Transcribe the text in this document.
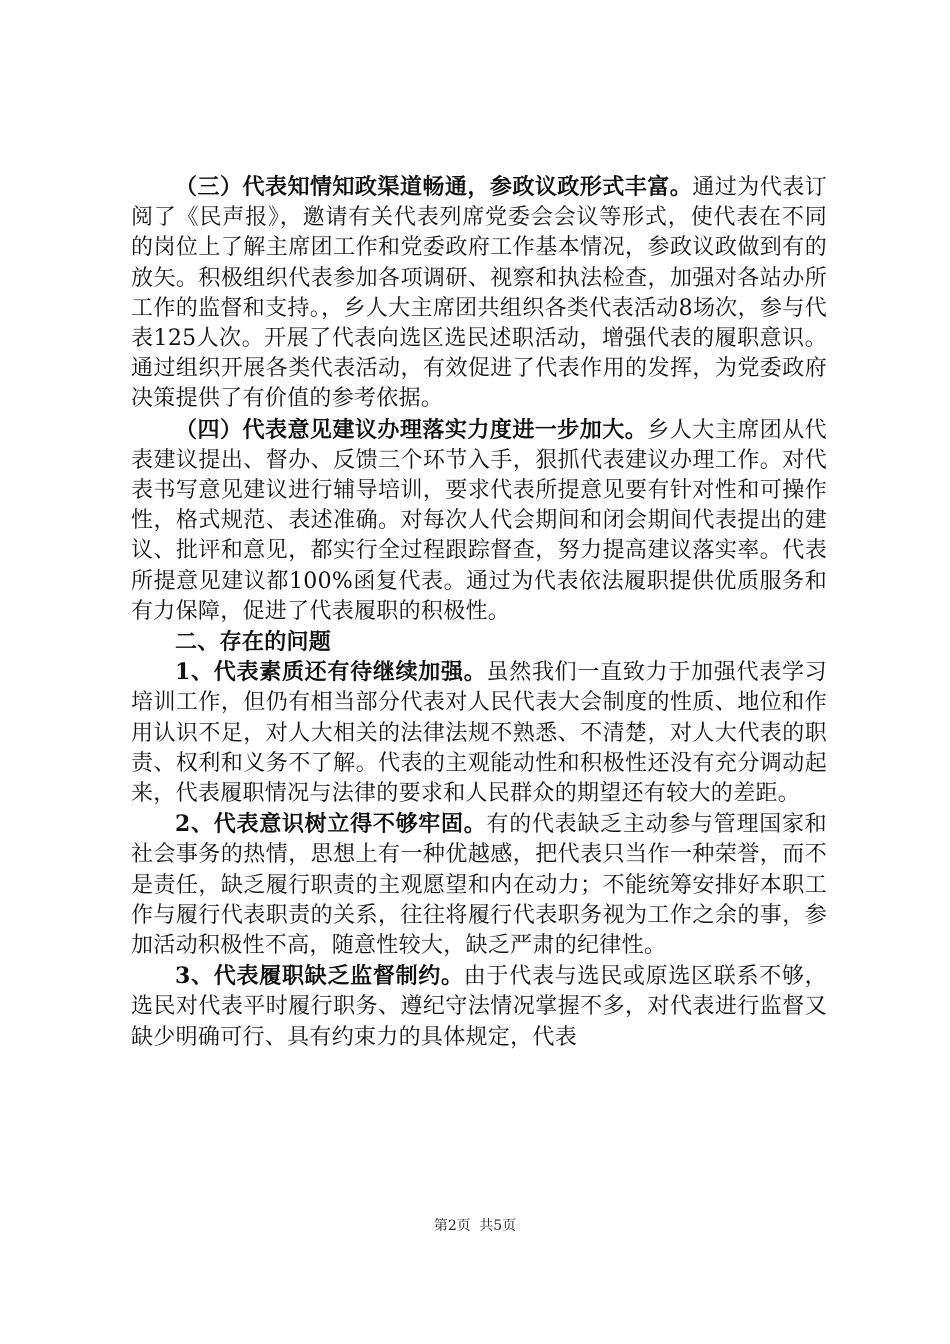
（三）代表知情知政渠道畅通，参政议政形式丰富。通过为代表订阅了《民声报》，邀请有关代表列席党委会会议等形式，使代表在不同的岗位上了解主席团工作和党委政府工作基本情况，参政议政做到有的放矢。积极组织代表参加各项调研、视察和执法检查，加强对各站办所工作的监督和支持。，乡人大主席团共组织各类代表活动8场次，参与代表125人次。开展了代表向选区选民述职活动，增强代表的履职意识。通过组织开展各类代表活动，有效促进了代表作用的发挥，为党委政府决策提供了有价值的参考依据。

（四）代表意见建议办理落实力度进一步加大。乡人大主席团从代表建议提出、督办、反馈三个环节入手，狠抓代表建议办理工作。对代表书写意见建议进行辅导培训，要求代表所提意见要有针对性和可操作性，格式规范、表述准确。对每次人代会期间和闭会期间代表提出的建议、批评和意见，都实行全过程跟踪督查，努力提高建议落实率。代表所提意见建议都100%函复代表。通过为代表依法履职提供优质服务和有力保障，促进了代表履职的积极性。

二、存在的问题

1、代表素质还有待继续加强。虽然我们一直致力于加强代表学习培训工作，但仍有相当部分代表对人民代表大会制度的性质、地位和作用认识不足，对人大相关的法律法规不熟悉、不清楚，对人大代表的职责、权利和义务不了解。代表的主观能动性和积极性还没有充分调动起来，代表履职情况与法律的要求和人民群众的期望还有较大的差距。

2、代表意识树立得不够牢固。有的代表缺乏主动参与管理国家和社会事务的热情，思想上有一种优越感，把代表只当作一种荣誉，而不是责任，缺乏履行职责的主观愿望和内在动力；不能统筹安排好本职工作与履行代表职责的关系，往往将履行代表职务视为工作之余的事，参加活动积极性不高，随意性较大，缺乏严肃的纪律性。

3、代表履职缺乏监督制约。由于代表与选民或原选区联系不够，选民对代表平时履行职务、遵纪守法情况掌握不多，对代表进行监督又缺少明确可行、具有约束力的具体规定，代表

第2页 共5页
